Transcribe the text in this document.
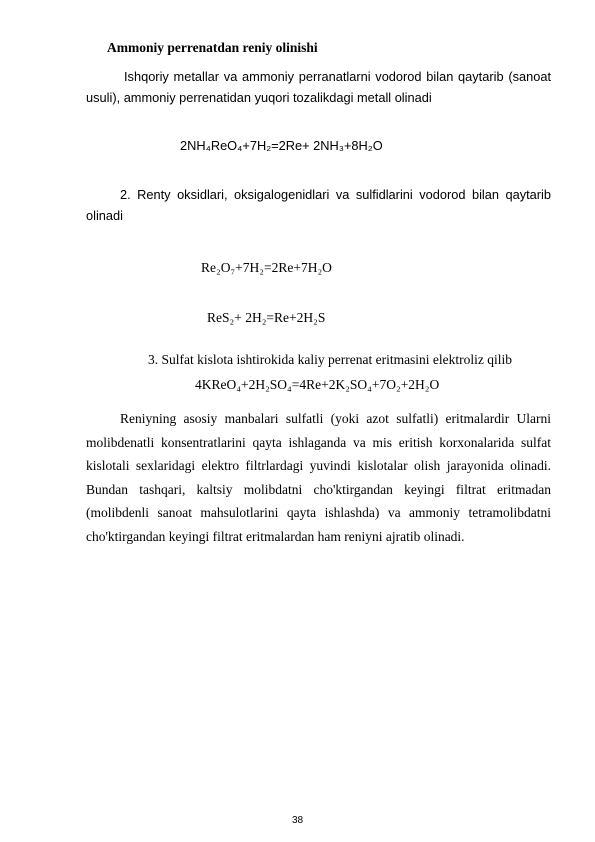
Ammoniy perrenatdan reniy olinishi
Ishqoriy metallar va ammoniy perranatlarni vodorod bilan qaytarib (sanoat usuli), ammoniy perrenatidan yuqori tozalikdagi metall olinadi
2NH₄ReO₄+7H₂=2Re+ 2NH₃+8H₂O
2. Renty oksidlari, oksigalogenidlari va sulfidlarini vodorod bilan qaytarib olinadi
Re₂O₇+7H₂=2Re+7H₂O
ReS₂+ 2H₂=Re+2H₂S
3. Sulfat kislota ishtirokida kaliy perrenat eritmasini elektroliz qilib
4KReO₄+2H₂SO₄=4Re+2K₂SO₄+7O₂+2H₂O
Reniyning asosiy manbalari sulfatli (yoki azot sulfatli) eritmalardir Ularni molibdenatli konsentratlarini qayta ishlaganda va mis eritish korxonalarida sulfat kislotali sexlaridagi elektro filtrlardagi yuvindi kislotalar olish jarayonida olinadi. Bundan tashqari, kaltsiy molibdatni cho'ktirgandan keyingi filtrat eritmadan (molibdenli sanoat mahsulotlarini qayta ishlashda) va ammoniy tetramolibdatni cho'ktirgandan keyingi filtrat eritmalardan ham reniyni ajratib olinadi.
38
